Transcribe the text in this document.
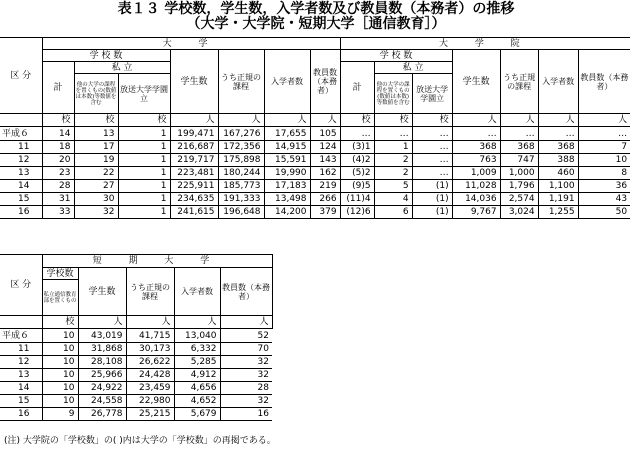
表１３ 学校数，学生数，入学者数及び教員数（本務者）の推移
（大学・大学院・短期大学［通信教育］）
区 分	大 学							大 学 院						
	学 校 数			学生数	うち正規の課程	入学者数	教員数（本務者）	学 校 数			学生数	うち正規の課程	入学者数	教員数（本務者）
	計	私 立						計	私 立					
		他の大学の課程を置くもの(数値は本数)等数値を含む	放送大学学園立						他の大学の課程を置くもの(数値は本数)等数値を含む	放送大学学園立				
	校	校	校	人	人	人	人	校	校	校	人	人	人	人
平成６	14	13	1	199,471	167,276	17,655	105	…	…	…	…	…	…	…
11	18	17	1	216,687	172,356	14,915	124	(3)1	1	…	368	368	368	7
12	20	19	1	219,717	175,898	15,591	143	(4)2	2	…	763	747	388	10
13	23	22	1	223,481	180,244	19,990	162	(5)2	2	…	1,009	1,000	460	8
14	28	27	1	225,911	185,773	17,183	219	(9)5	5	(1)	11,028	1,796	1,100	36
15	31	30	1	234,635	191,333	13,498	266	(11)4	4	(1)	14,036	2,574	1,191	43
16	33	32	1	241,615	196,648	14,200	379	(12)6	6	(1)	9,767	3,024	1,255	50
区 分	短 期 大 学				
	学校数	学生数	うち正規の課程	入学者数	教員数（本務者）
	私立通信教育部を置くもの				
	校	人	人	人	人
平成６	10	43,019	41,715	13,040	52
11	10	31,868	30,173	6,332	70
12	10	28,108	26,622	5,285	32
13	10	25,966	24,428	4,912	32
14	10	24,922	23,459	4,656	28
15	10	24,558	22,980	4,652	32
16	9	26,778	25,215	5,679	16
(注) 大学院の「学校数」の( )内は大学の「学校数」の再掲である。
